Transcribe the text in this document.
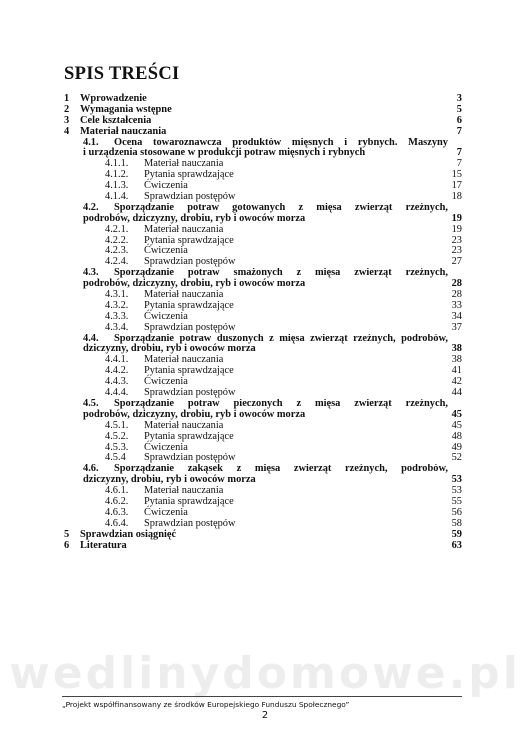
wedlinydomowe.pl
SPIS TREŚCI
1 Wprowadzenie	3
2 Wymagania wstępne	5
3 Cele kształcenia	6
4 Materiał nauczania	7
4.1. Ocena towaroznawcza produktów mięsnych i rybnych. Maszyny
i urządzenia stosowane w produkcji potraw mięsnych i rybnych	7
4.1.1. Materiał nauczania	7
4.1.2. Pytania sprawdzające	15
4.1.3. Ćwiczenia	17
4.1.4. Sprawdzian postępów	18
4.2. Sporządzanie potraw gotowanych z mięsa zwierząt rzeźnych,
podrobów, dziczyzny, drobiu, ryb i owoców morza	19
4.2.1. Materiał nauczania	19
4.2.2. Pytania sprawdzające	23
4.2.3. Ćwiczenia	23
4.2.4. Sprawdzian postępów	27
4.3. Sporządzanie potraw smażonych z mięsa zwierząt rzeźnych,
podrobów, dziczyzny, drobiu, ryb i owoców morza	28
4.3.1. Materiał nauczania	28
4.3.2. Pytania sprawdzające	33
4.3.3. Ćwiczenia	34
4.3.4. Sprawdzian postępów	37
4.4. Sporządzanie potraw duszonych z mięsa zwierząt rzeźnych, podrobów,
dziczyzny, drobiu, ryb i owoców morza	38
4.4.1. Materiał nauczania	38
4.4.2. Pytania sprawdzające	41
4.4.3. Ćwiczenia	42
4.4.4. Sprawdzian postępów	44
4.5. Sporządzanie potraw pieczonych z mięsa zwierząt rzeźnych,
podrobów, dziczyzny, drobiu, ryb i owoców morza	45
4.5.1. Materiał nauczania	45
4.5.2. Pytania sprawdzające	48
4.5.3. Ćwiczenia	49
4.5.4 Sprawdzian postępów	52
4.6. Sporządzanie zakąsek z mięsa zwierząt rzeźnych, podrobów,
dziczyzny, drobiu, ryb i owoców morza	53
4.6.1. Materiał nauczania	53
4.6.2. Pytania sprawdzające	55
4.6.3. Ćwiczenia	56
4.6.4. Sprawdzian postępów	58
5 Sprawdzian osiągnięć	59
6 Literatura	63
„Projekt współfinansowany ze środków Europejskiego Funduszu Społecznego”
2
